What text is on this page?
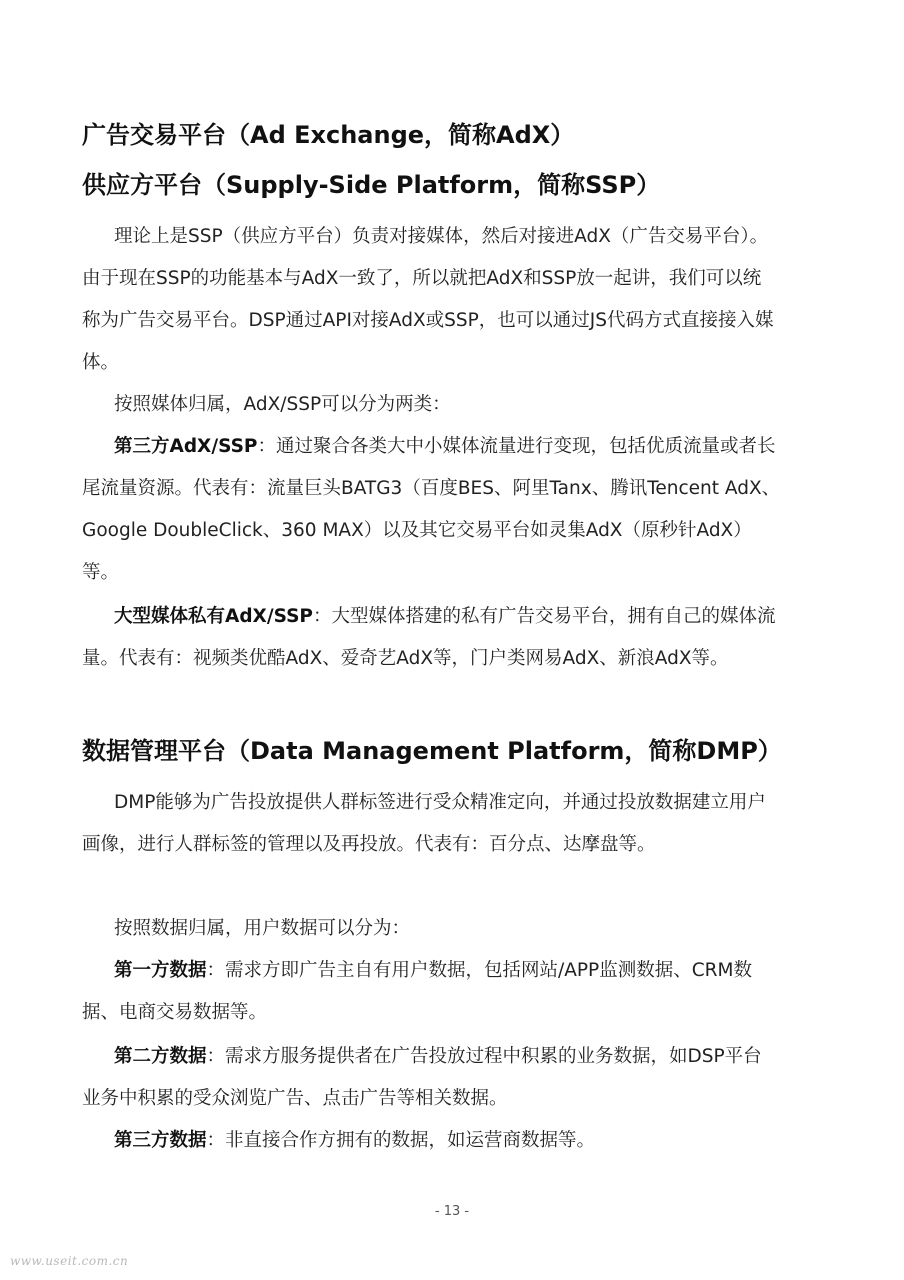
广告交易平台（Ad Exchange，简称AdX）
供应方平台（Supply-Side Platform，简称SSP）
理论上是SSP（供应方平台）负责对接媒体，然后对接进AdX（广告交易平台）。
由于现在SSP的功能基本与AdX一致了，所以就把AdX和SSP放一起讲，我们可以统
称为广告交易平台。DSP通过API对接AdX或SSP，也可以通过JS代码方式直接接入媒
体。
按照媒体归属，AdX/SSP可以分为两类：
第三方AdX/SSP：通过聚合各类大中小媒体流量进行变现，包括优质流量或者长
尾流量资源。代表有：流量巨头BATG3（百度BES、阿里Tanx、腾讯Tencent AdX、
Google DoubleClick、360 MAX）以及其它交易平台如灵集AdX（原秒针AdX）
等。
大型媒体私有AdX/SSP：大型媒体搭建的私有广告交易平台，拥有自己的媒体流
量。代表有：视频类优酷AdX、爱奇艺AdX等，门户类网易AdX、新浪AdX等。
数据管理平台（Data Management Platform，简称DMP）
DMP能够为广告投放提供人群标签进行受众精准定向，并通过投放数据建立用户
画像，进行人群标签的管理以及再投放。代表有：百分点、达摩盘等。
按照数据归属，用户数据可以分为：
第一方数据：需求方即广告主自有用户数据，包括网站/APP监测数据、CRM数
据、电商交易数据等。
第二方数据：需求方服务提供者在广告投放过程中积累的业务数据，如DSP平台
业务中积累的受众浏览广告、点击广告等相关数据。
第三方数据：非直接合作方拥有的数据，如运营商数据等。
- 13 -
www.useit.com.cn
